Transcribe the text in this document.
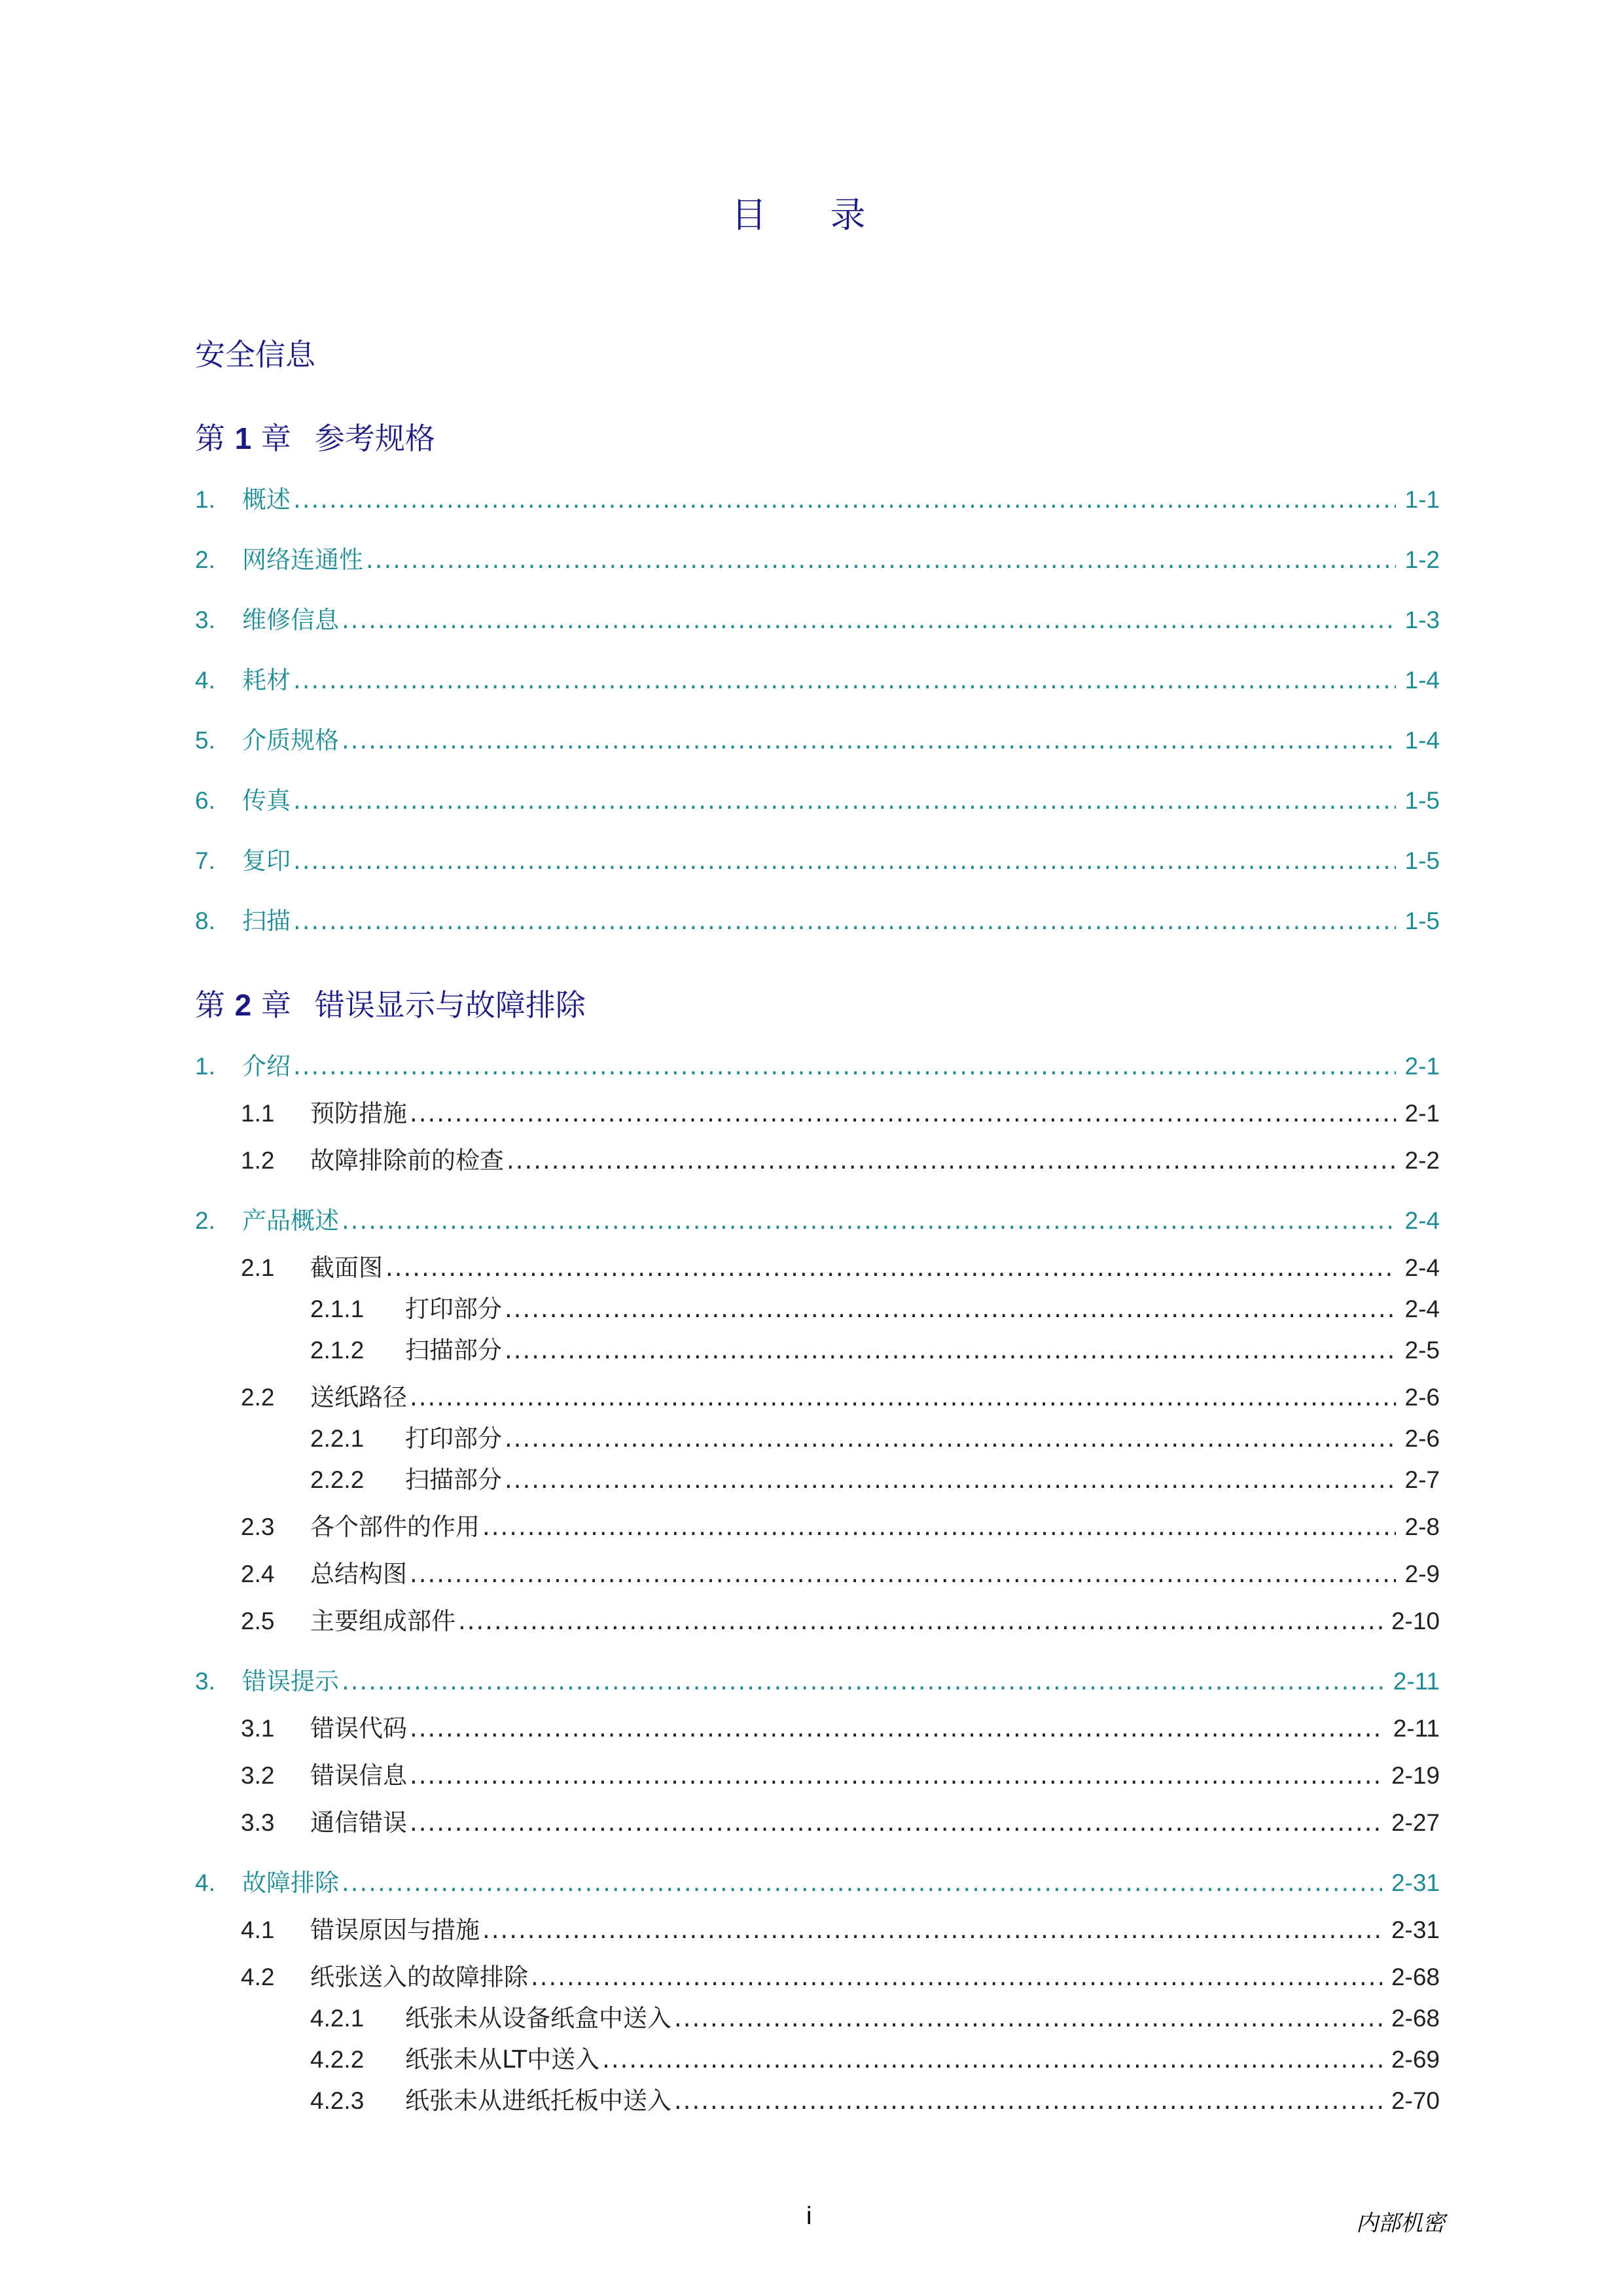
目 录
安全信息
第 1 章 参考规格
1.	概述 .....	1-1
2.	网络连通性 .....	1-2
3.	维修信息 .....	1-3
4.	耗材 .....	1-4
5.	介质规格 .....	1-4
6.	传真 .....	1-5
7.	复印 .....	1-5
8.	扫描 .....	1-5
第 2 章 错误显示与故障排除
1.	介绍 .....	2-1
1.1	预防措施 .....	2-1
1.2	故障排除前的检查 .....	2-2
2.	产品概述 .....	2-4
2.1	截面图 .....	2-4
2.1.1	打印部分 .....	2-4
2.1.2	扫描部分 .....	2-5
2.2	送纸路径 .....	2-6
2.2.1	打印部分 .....	2-6
2.2.2	扫描部分 .....	2-7
2.3	各个部件的作用 .....	2-8
2.4	总结构图 .....	2-9
2.5	主要组成部件 .....	2-10
3.	错误提示 .....	2-11
3.1	错误代码 .....	2-11
3.2	错误信息 .....	2-19
3.3	通信错误 .....	2-27
4.	故障排除 .....	2-31
4.1	错误原因与措施 .....	2-31
4.2	纸张送入的故障排除 .....	2-68
4.2.1	纸张未从设备纸盒中送入 .....	2-68
4.2.2	纸张未从LT中送入 .....	2-69
4.2.3	纸张未从进纸托板中送入 .....	2-70
i	内部机密
